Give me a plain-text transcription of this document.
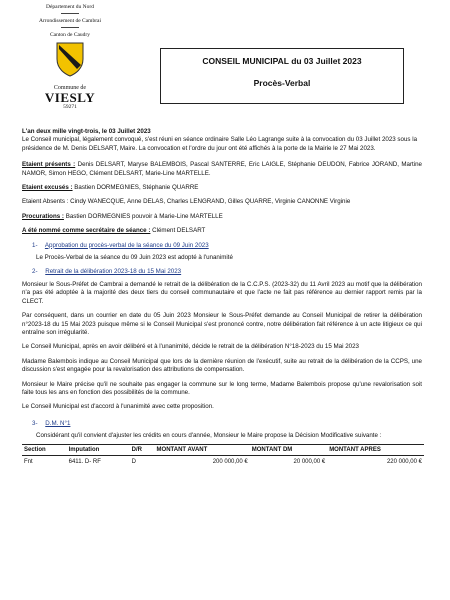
Département du Nord
Arrondissement de Cambrai
Canton de Caudry
Commune de
VIESLY
59271
CONSEIL MUNICIPAL du 03 Juillet 2023
Procès-Verbal

L'an deux mille vingt-trois, le 03 Juillet 2023
Le Conseil municipal, légalement convoqué, s'est réuni en séance ordinaire Salle Léo Lagrange suite à la convocation du 03 Juillet 2023 sous la présidence de M. Denis DELSART, Maire. La convocation et l'ordre du jour ont été affichés à la porte de la Mairie le 27 Mai 2023.

Etaient présents : Denis DELSART, Maryse BALEMBOIS, Pascal SANTERRE, Eric LAIGLE, Stéphanie DEUDON, Fabrice JORAND, Martine NAMOR, Simon HEGO, Clément DELSART, Marie-Line MARTELLE.

Etaient excusés : Bastien DORMEGNIES, Stéphanie QUARRE

Etaient Absents : Cindy WANECQUE, Anne DELAS, Charles LENGRAND, Gilles QUARRE, Virginie CANONNE Virginie

Procurations : Bastien DORMEGNIES pouvoir à Marie-Line MARTELLE

A été nommé comme secrétaire de séance : Clément DELSART

1- Approbation du procès-verbal de la séance du 09 Juin 2023

Le Procès-Verbal de la séance du 09 Juin 2023 est adopté à l'unanimité

2- Retrait de la délibération 2023-18 du 15 Mai 2023

Monsieur le Sous-Préfet de Cambrai a demandé le retrait de la délibération de la C.C.P.S. (2023-32) du 11 Avril 2023 au motif que la délibération n'a pas été adoptée à la majorité des deux tiers du conseil communautaire et que l'acte ne fait pas référence au dernier rapport remis par la CLECT.

Par conséquent, dans un courrier en date du 05 Juin 2023 Monsieur le Sous-Préfet demande au Conseil Municipal de retirer la délibération n°2023-18 du 15 Mai 2023 puisque même si le Conseil Municipal s'est prononcé contre, notre délibération fait référence à un acte litigieux ce qui entraîne son irrégularité.

Le Conseil Municipal, après en avoir délibéré et à l'unanimité, décide le retrait de la délibération N°18-2023 du 15 Mai 2023

Madame Balembois indique au Conseil Municipal que lors de la dernière réunion de l'exécutif, suite au retrait de la délibération de la CCPS, une discussion s'est engagée pour la revalorisation des attributions de compensation.

Monsieur le Maire précise qu'il ne souhaite pas engager la commune sur le long terme, Madame Balembois propose qu'une revalorisation soit faite tous les ans en fonction des possibilités de la commune.

Le Conseil Municipal est d'accord à l'unanimité avec cette proposition.

3- D.M. N°1

Considérant qu'il convient d'ajuster les crédits en cours d'année, Monsieur le Maire propose la Décision Modificative suivante :

Section	Imputation	D/R	MONTANT AVANT	MONTANT DM	MONTANT APRES
Fnt	6411. D- RF	D	200 000,00 €	20 000,00 €	220 000,00 €
